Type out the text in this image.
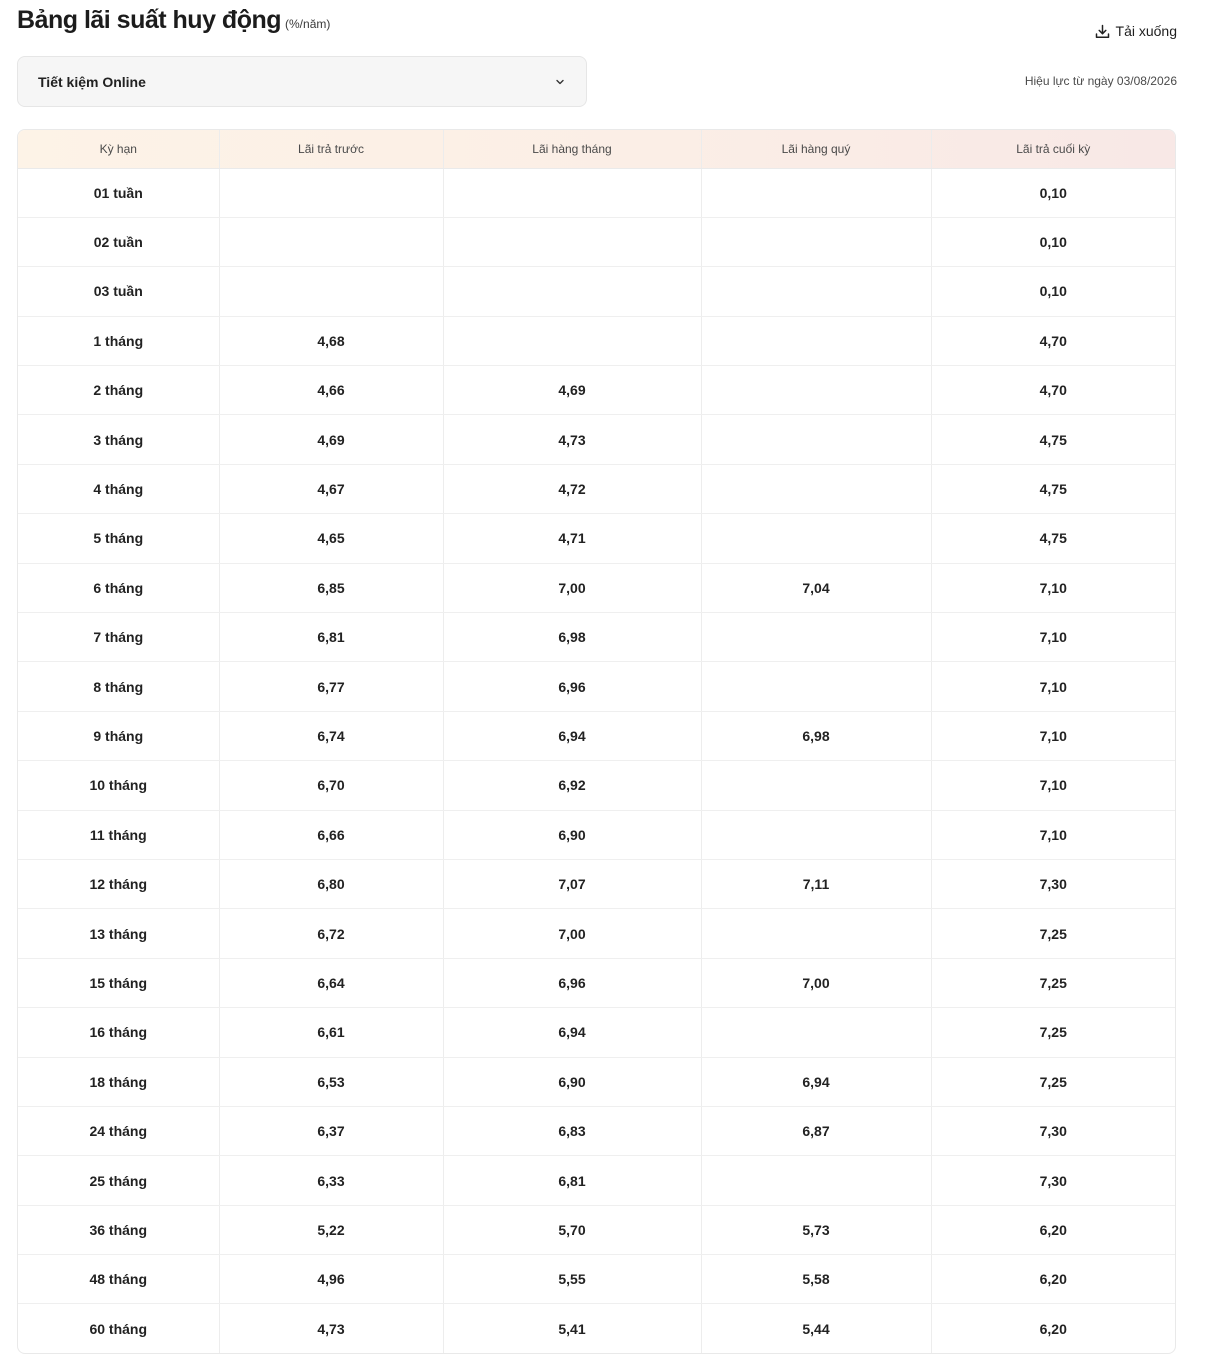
Bảng lãi suất huy động (%/năm)	Tải xuống
Tiết kiệm Online	Hiệu lực từ ngày 03/08/2026
Kỳ hạn	Lãi trả trước	Lãi hàng tháng	Lãi hàng quý	Lãi trả cuối kỳ
01 tuần				0,10
02 tuần				0,10
03 tuần				0,10
1 tháng	4,68			4,70
2 tháng	4,66	4,69		4,70
3 tháng	4,69	4,73		4,75
4 tháng	4,67	4,72		4,75
5 tháng	4,65	4,71		4,75
6 tháng	6,85	7,00	7,04	7,10
7 tháng	6,81	6,98		7,10
8 tháng	6,77	6,96		7,10
9 tháng	6,74	6,94	6,98	7,10
10 tháng	6,70	6,92		7,10
11 tháng	6,66	6,90		7,10
12 tháng	6,80	7,07	7,11	7,30
13 tháng	6,72	7,00		7,25
15 tháng	6,64	6,96	7,00	7,25
16 tháng	6,61	6,94		7,25
18 tháng	6,53	6,90	6,94	7,25
24 tháng	6,37	6,83	6,87	7,30
25 tháng	6,33	6,81		7,30
36 tháng	5,22	5,70	5,73	6,20
48 tháng	4,96	5,55	5,58	6,20
60 tháng	4,73	5,41	5,44	6,20
